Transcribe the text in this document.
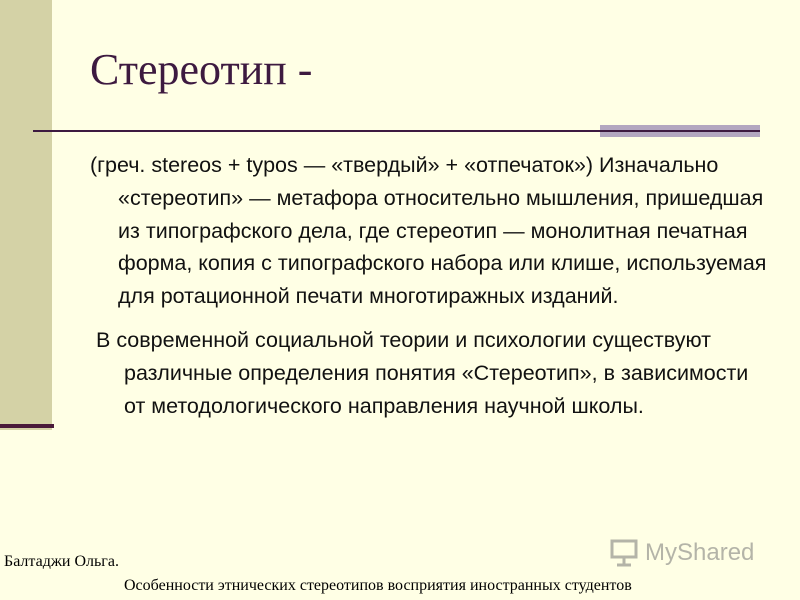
Стереотип -

(греч. stereos + typos — «твердый» + «отпечаток») Изначально «стереотип» — метафора относительно мышления, пришедшая из типографского дела, где стереотип — монолитная печатная форма, копия с типографского набора или клише, используемая для ротационной печати многотиражных изданий.

В современной социальной теории и психологии существуют различные определения понятия «Стереотип», в зависимости от методологического направления научной школы.

Балтаджи Ольга.
Особенности этнических стереотипов восприятия иностранных студентов
MyShared
